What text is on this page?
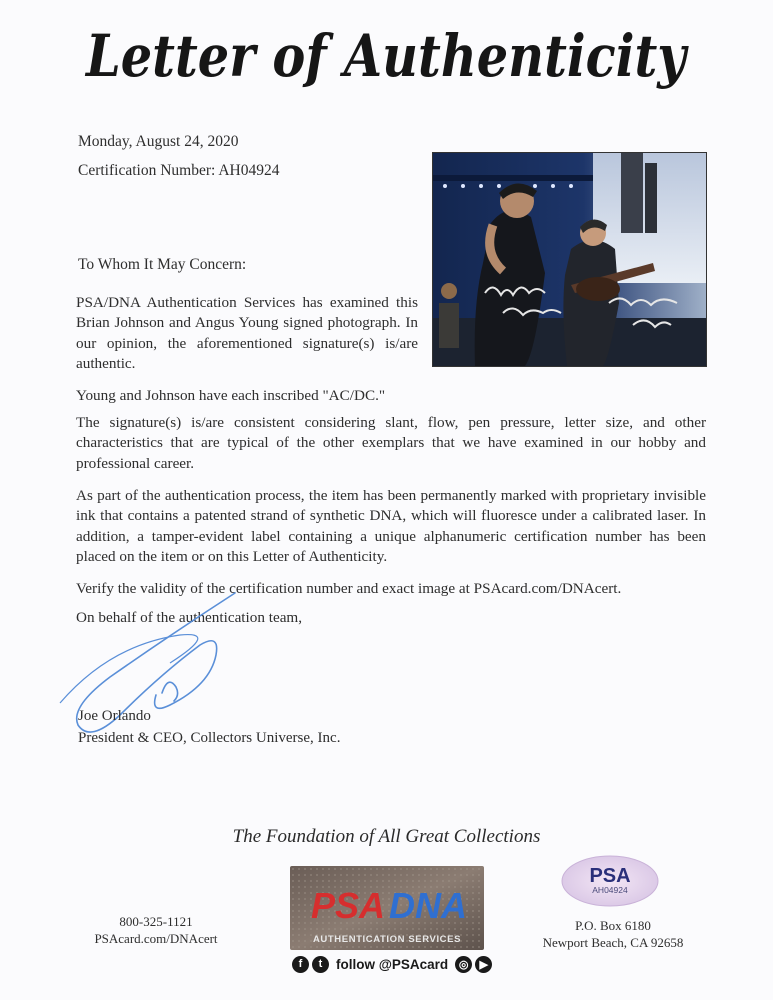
Letter of Authenticity

Monday, August 24, 2020

Certification Number: AH04924

To Whom It May Concern:

PSA/DNA Authentication Services has examined this Brian Johnson and Angus Young signed photograph. In our opinion, the aforementioned signature(s) is/are authentic.

Young and Johnson have each inscribed "AC/DC."

The signature(s) is/are consistent considering slant, flow, pen pressure, letter size, and other characteristics that are typical of the other exemplars that we have examined in our hobby and professional career.

As part of the authentication process, the item has been permanently marked with proprietary invisible ink that contains a patented strand of synthetic DNA, which will fluoresce under a calibrated laser. In addition, a tamper-evident label containing a unique alphanumeric certification number has been placed on the item or on this Letter of Authenticity.

Verify the validity of the certification number and exact image at PSAcard.com/DNAcert.

On behalf of the authentication team,

Joe Orlando

President & CEO, Collectors Universe, Inc.

The Foundation of All Great Collections

800-325-1121
PSAcard.com/DNAcert
PSA DNA

AUTHENTICATION SERVICES

f	t	follow @PSAcard ◎ ▶
PSA
AH04924
P.O. Box 6180
Newport Beach, CA 92658
